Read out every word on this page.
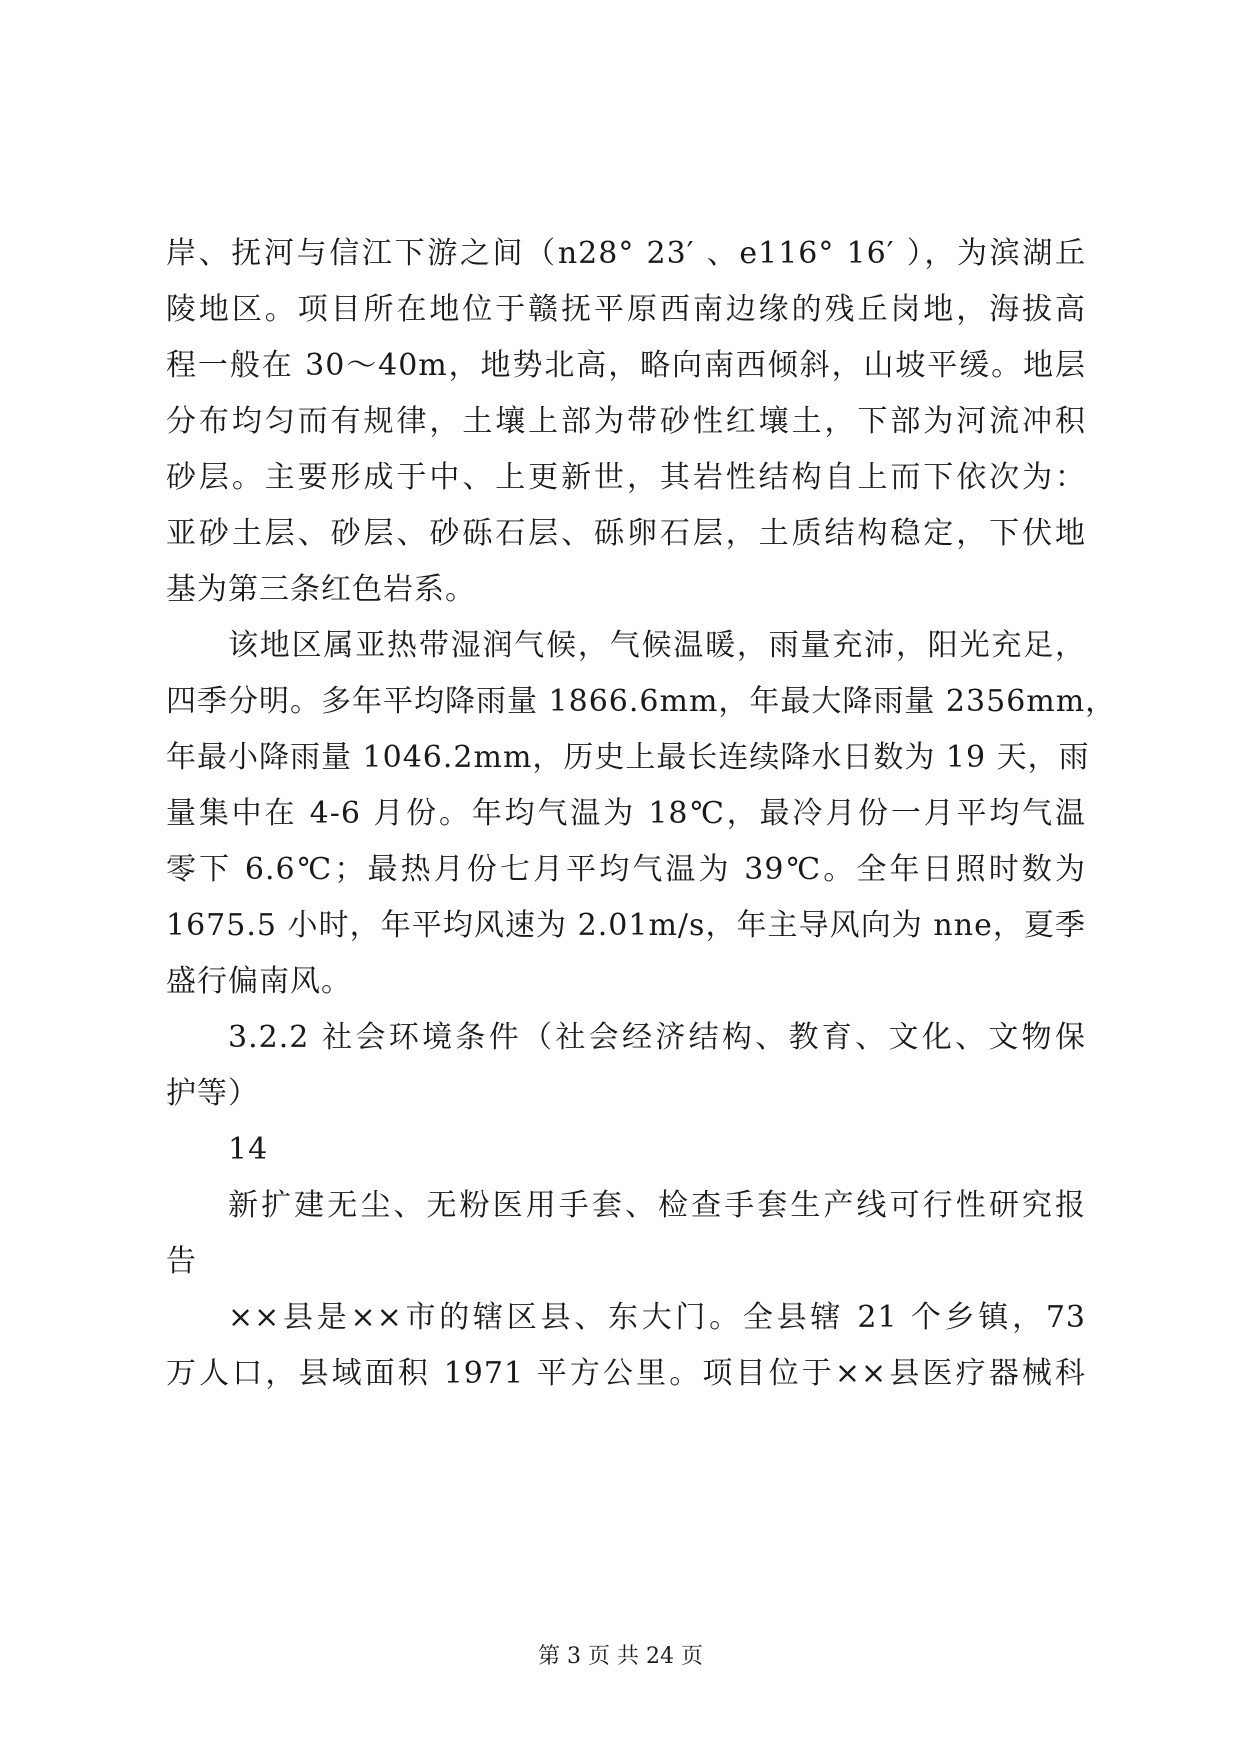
岸、抚河与信江下游之间（n28° 23′ 、e116° 16′ ），为滨湖丘
陵地区。项目所在地位于赣抚平原西南边缘的残丘岗地，海拔高
程一般在 30～40m，地势北高，略向南西倾斜，山坡平缓。地层
分布均匀而有规律，土壤上部为带砂性红壤土，下部为河流冲积
砂层。主要形成于中、上更新世，其岩性结构自上而下依次为：
亚砂土层、砂层、砂砾石层、砾卵石层，土质结构稳定，下伏地
基为第三条红色岩系。
该地区属亚热带湿润气候，气候温暖，雨量充沛，阳光充足，
四季分明。多年平均降雨量 1866.6mm，年最大降雨量 2356mm，
年最小降雨量 1046.2mm，历史上最长连续降水日数为 19 天，雨
量集中在 4-6 月份。年均气温为 18℃，最冷月份一月平均气温
零下 6.6℃；最热月份七月平均气温为 39℃。全年日照时数为
1675.5 小时，年平均风速为 2.01m/s，年主导风向为 nne，夏季
盛行偏南风。
3.2.2 社会环境条件（社会经济结构、教育、文化、文物保
护等）
14
新扩建无尘、无粉医用手套、检查手套生产线可行性研究报
告
××县是××市的辖区县、东大门。全县辖 21 个乡镇，73
万人口，县域面积 1971 平方公里。项目位于××县医疗器械科
第 3 页 共 24 页
